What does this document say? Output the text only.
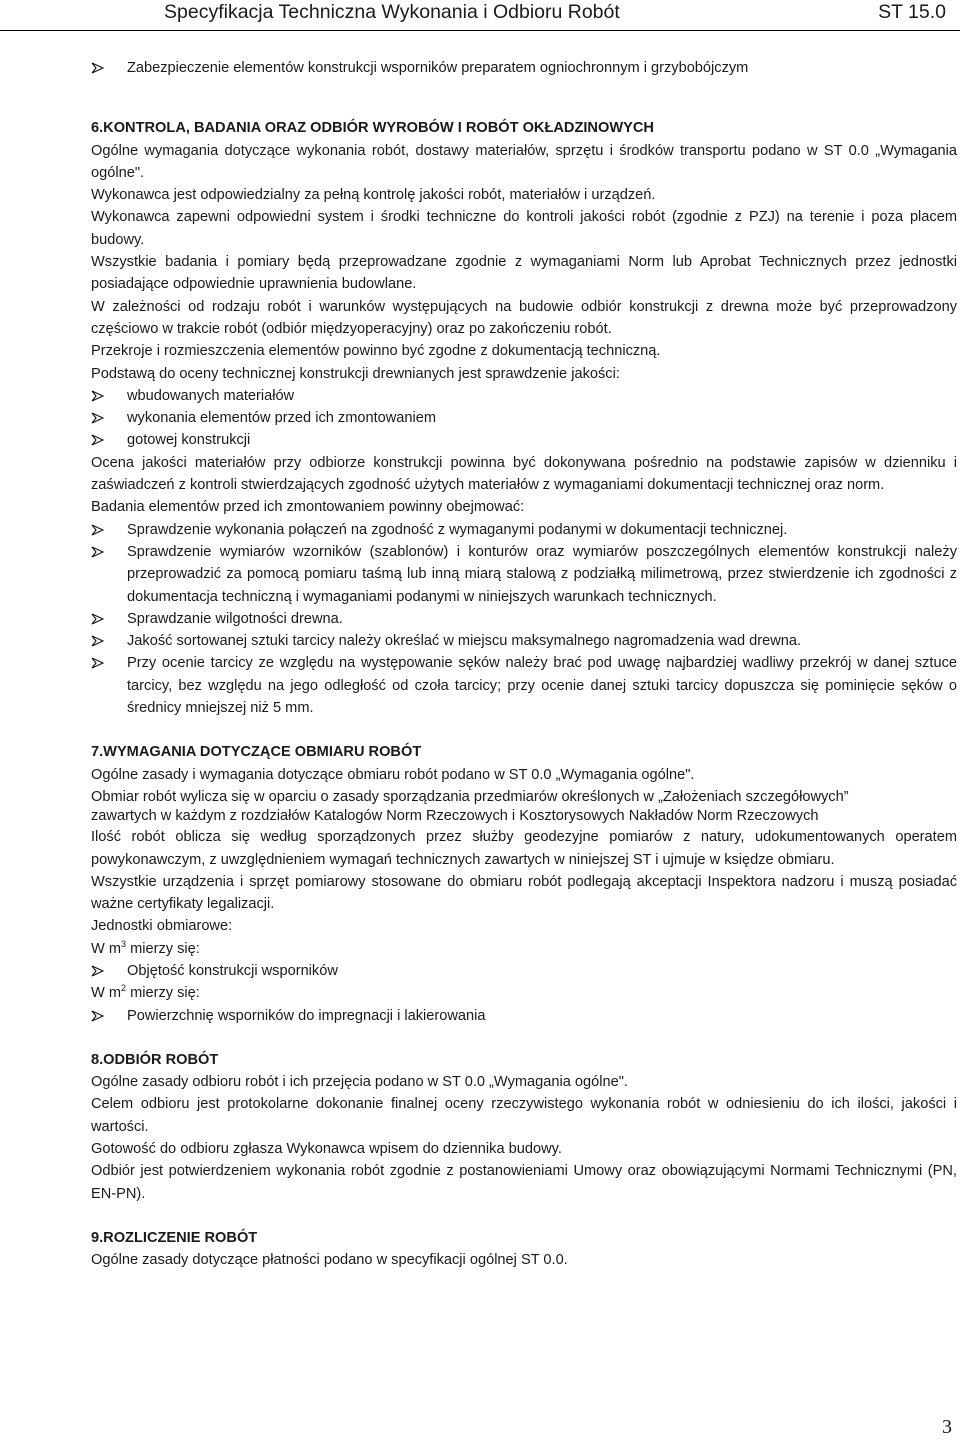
Specyfikacja Techniczna Wykonania i Odbioru Robót	ST 15.0
Zabezpieczenie elementów konstrukcji wsporników preparatem ogniochronnym i grzybobójczym

6.KONTROLA, BADANIA ORAZ ODBIÓR WYROBÓW I ROBÓT OKŁADZINOWYCH

Ogólne wymagania dotyczące wykonania robót, dostawy materiałów, sprzętu i środków transportu podano w ST 0.0 „Wymagania ogólne".

Wykonawca jest odpowiedzialny za pełną kontrolę jakości robót, materiałów i urządzeń.

Wykonawca zapewni odpowiedni system i środki techniczne do kontroli jakości robót (zgodnie z PZJ) na terenie i poza placem budowy.

Wszystkie badania i pomiary będą przeprowadzane zgodnie z wymaganiami Norm lub Aprobat Technicznych przez jednostki posiadające odpowiednie uprawnienia budowlane.

W zależności od rodzaju robót i warunków występujących na budowie odbiór konstrukcji z drewna może być przeprowadzony częściowo w trakcie robót (odbiór międzyoperacyjny) oraz po zakończeniu robót.

Przekroje i rozmieszczenia elementów powinno być zgodne z dokumentacją techniczną.

Podstawą do oceny technicznej konstrukcji drewnianych jest sprawdzenie jakości:

wbudowanych materiałów
wykonania elementów przed ich zmontowaniem
gotowej konstrukcji

Ocena jakości materiałów przy odbiorze konstrukcji powinna być dokonywana pośrednio na podstawie zapisów w dzienniku i zaświadczeń z kontroli stwierdzających zgodność użytych materiałów z wymaganiami dokumentacji technicznej oraz norm.

Badania elementów przed ich zmontowaniem powinny obejmować:

Sprawdzenie wykonania połączeń na zgodność z wymaganymi podanymi w dokumentacji technicznej.
Sprawdzenie wymiarów wzorników (szablonów) i konturów oraz wymiarów poszczególnych elementów konstrukcji należy przeprowadzić za pomocą pomiaru taśmą lub inną miarą stalową z podziałką milimetrową, przez stwierdzenie ich zgodności z dokumentacja techniczną i wymaganiami podanymi w niniejszych warunkach technicznych.
Sprawdzanie wilgotności drewna.
Jakość sortowanej sztuki tarcicy należy określać w miejscu maksymalnego nagromadzenia wad drewna.
Przy ocenie tarcicy ze względu na występowanie sęków należy brać pod uwagę najbardziej wadliwy przekrój w danej sztuce tarcicy, bez względu na jego odległość od czoła tarcicy; przy ocenie danej sztuki tarcicy dopuszcza się pominięcie sęków o średnicy mniejszej niż 5 mm.

7.WYMAGANIA DOTYCZĄCE OBMIARU ROBÓT

Ogólne zasady i wymagania dotyczące obmiaru robót podano w ST 0.0 „Wymagania ogólne".

Obmiar robót wylicza się w oparciu o zasady sporządzania przedmiarów określonych w „Założeniach szczegółowych”

zawartych w każdym z rozdziałów Katalogów Norm Rzeczowych i Kosztorysowych Nakładów Norm Rzeczowych

Ilość robót oblicza się według sporządzonych przez służby geodezyjne pomiarów z natury, udokumentowanych operatem powykonawczym, z uwzględnieniem wymagań technicznych zawartych w niniejszej ST i ujmuje w księdze obmiaru.

Wszystkie urządzenia i sprzęt pomiarowy stosowane do obmiaru robót podlegają akceptacji Inspektora nadzoru i muszą posiadać ważne certyfikaty legalizacji.

Jednostki obmiarowe:

W $m^3$ mierzy się:

Objętość konstrukcji wsporników

W $m^2$ mierzy się:

Powierzchnię wsporników do impregnacji i lakierowania

8.ODBIÓR ROBÓT

Ogólne zasady odbioru robót i ich przejęcia podano w ST 0.0 „Wymagania ogólne".

Celem odbioru jest protokolarne dokonanie finalnej oceny rzeczywistego wykonania robót w odniesieniu do ich ilości, jakości i wartości.

Gotowość do odbioru zgłasza Wykonawca wpisem do dziennika budowy.

Odbiór jest potwierdzeniem wykonania robót zgodnie z postanowieniami Umowy oraz obowiązującymi Normami Technicznymi (PN, EN-PN).

9.ROZLICZENIE ROBÓT

Ogólne zasady dotyczące płatności podano w specyfikacji ogólnej ST 0.0.

3
